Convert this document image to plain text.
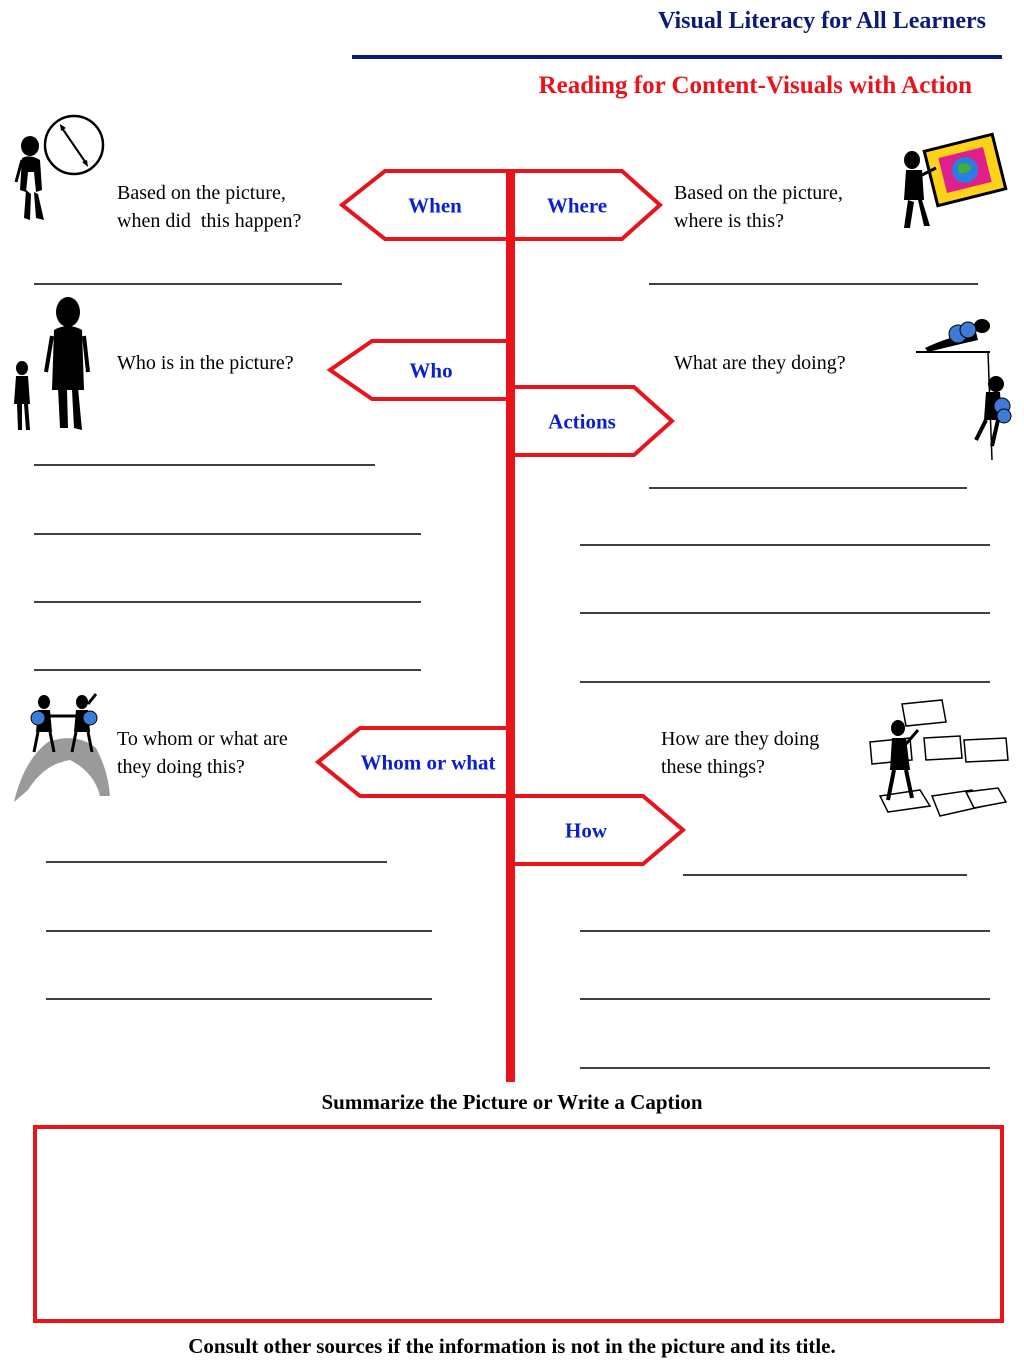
Visual Literacy for All Learners
Reading for Content-Visuals with Action
When	Where
Who
Actions
Whom or what
How
Based on the picture,
when did  this happen?
Based on the picture,
where is this?
Who is in the picture?	What are they doing?
To whom or what are
they doing this?
How are they doing
these things?
Summarize the Picture or Write a Caption
Consult other sources if the information is not in the picture and its title.
